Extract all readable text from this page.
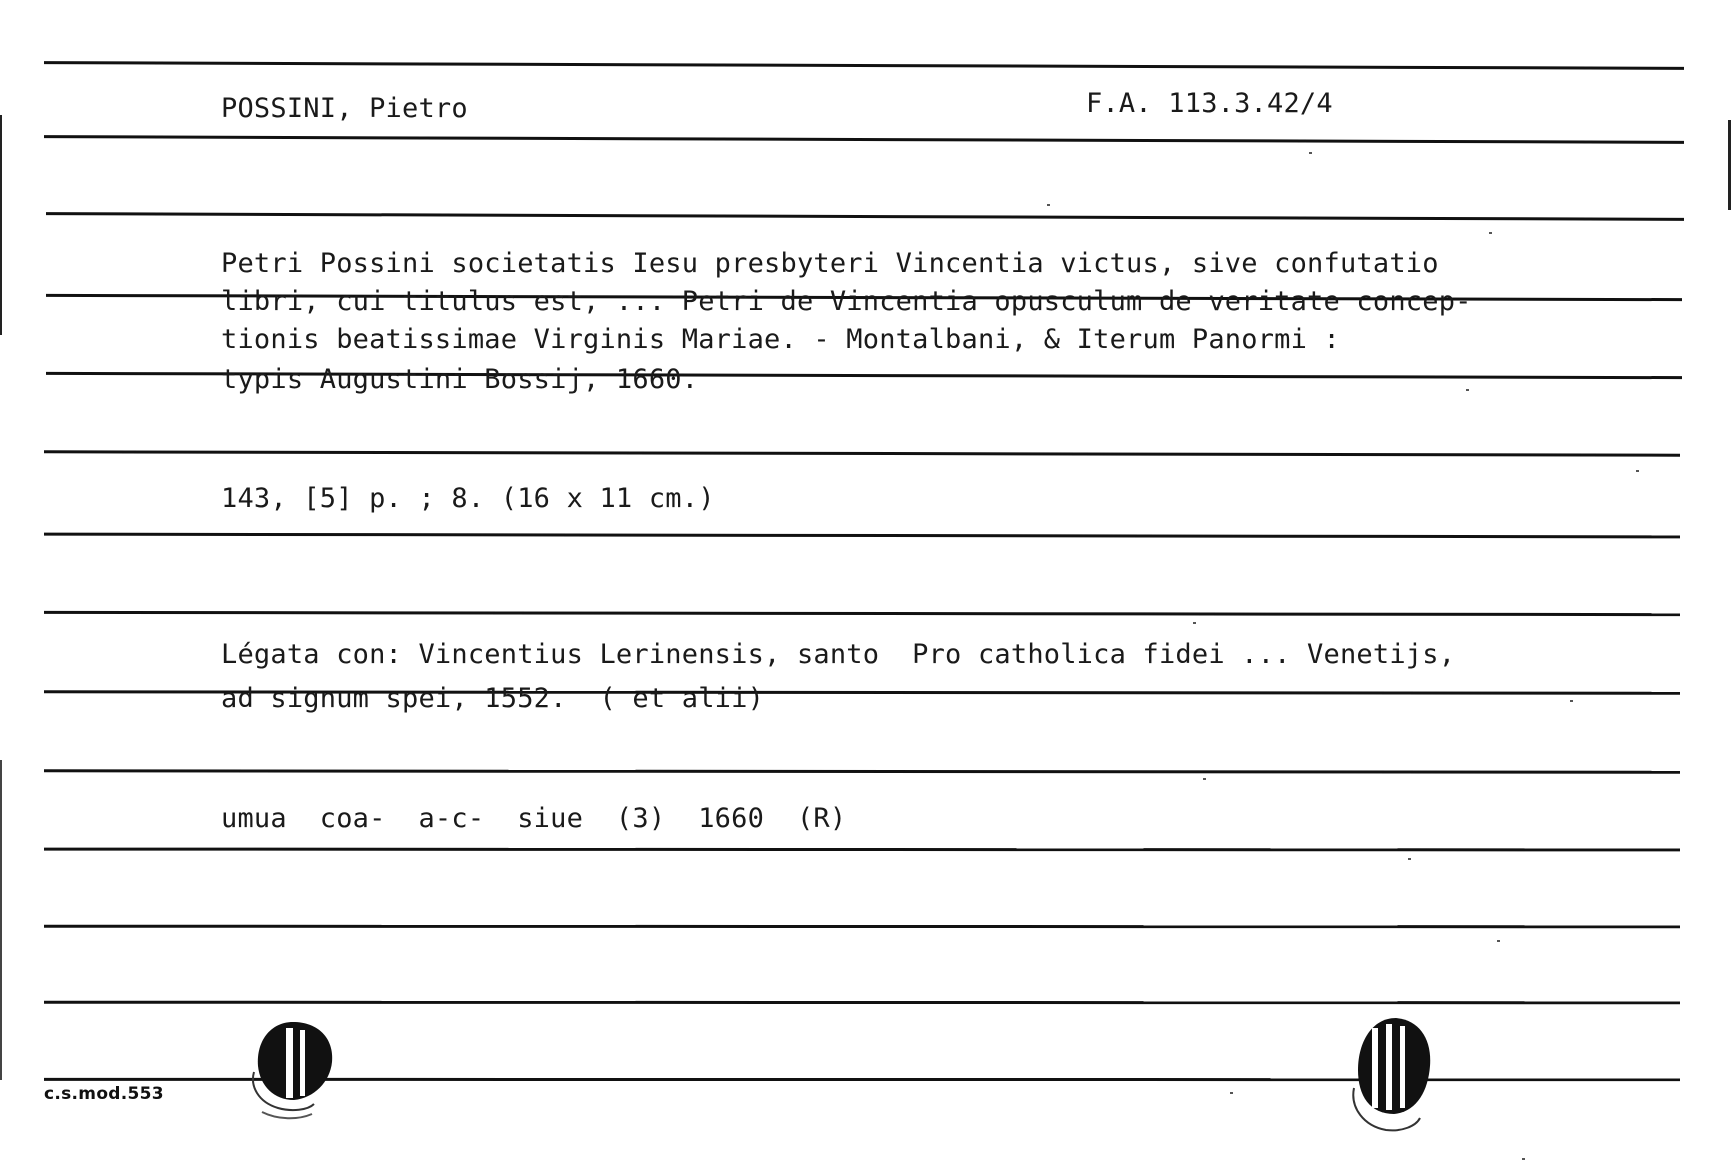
POSSINI, Pietro	F.A. 113.3.42/4
Petri Possini societatis Iesu presbyteri Vincentia victus, sive confutatio
libri, cui titulus est, ... Petri de Vincentia opusculum de veritate concep-
tionis beatissimae Virginis Mariae. - Montalbani, & Iterum Panormi :
typis Augustini Bossij, 1660.
143, [5] p. ; 8. (16 x 11 cm.)
Légata con: Vincentius Lerinensis, santo  Pro catholica fidei ... Venetijs,
ad signum spei, 1552.  ( et alii)
umua  coa-  a-c-  siue  (3)  1660  (R)
c.s.mod.553
